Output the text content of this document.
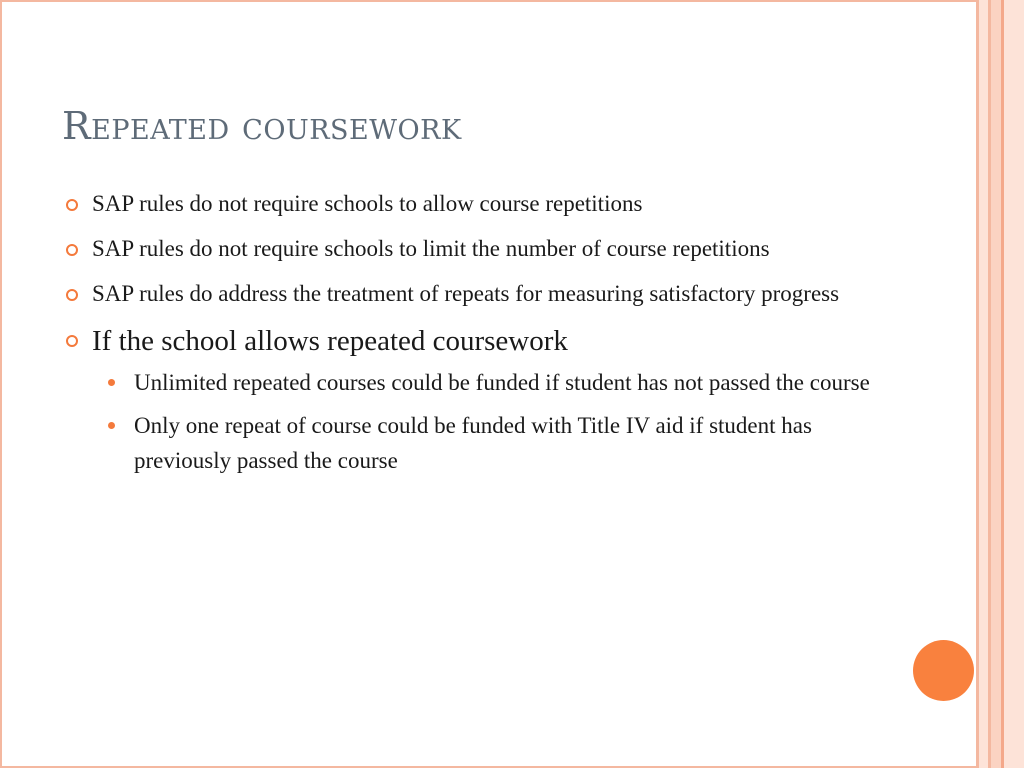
Repeated coursework
SAP rules do not require schools to allow course repetitions
SAP rules do not require schools to limit the number of course repetitions
SAP rules do address the treatment of repeats for measuring satisfactory progress
If the school allows repeated coursework
Unlimited repeated courses could be funded if student has not passed the course
Only one repeat of course could be funded with Title IV aid if student has previously passed the course
